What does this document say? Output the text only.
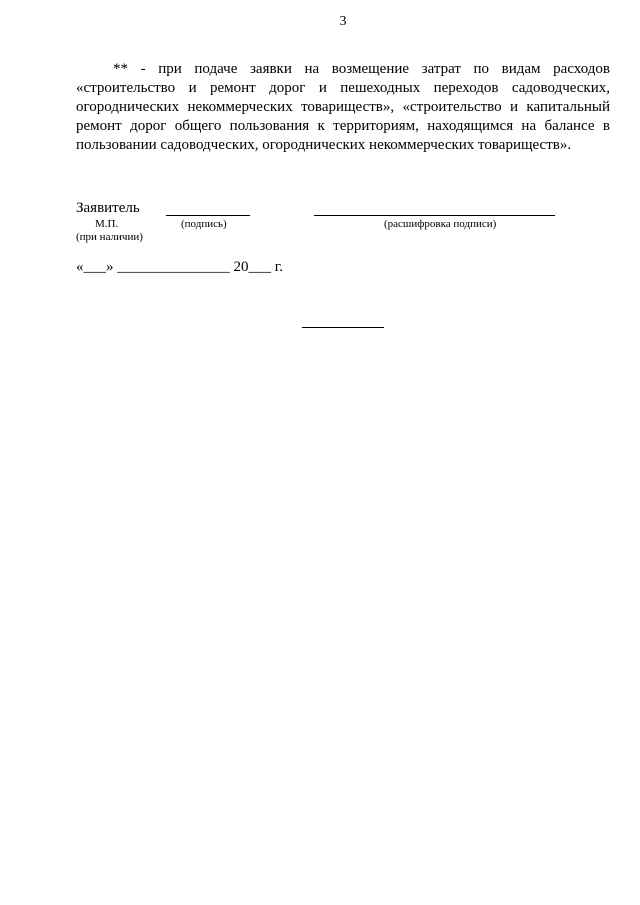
3

** - при подаче заявки на возмещение затрат по видам расходов «строительство и ремонт дорог и пешеходных переходов садоводческих, огороднических некоммерческих товариществ», «строительство и капитальный ремонт дорог общего пользования к территориям, находящимся на балансе в пользовании садоводческих, огороднических некоммерческих товариществ».

Заявитель
М.П.	(подпись)	(расшифровка подписи)
(при наличии)
«___» _______________ 20___ г.
